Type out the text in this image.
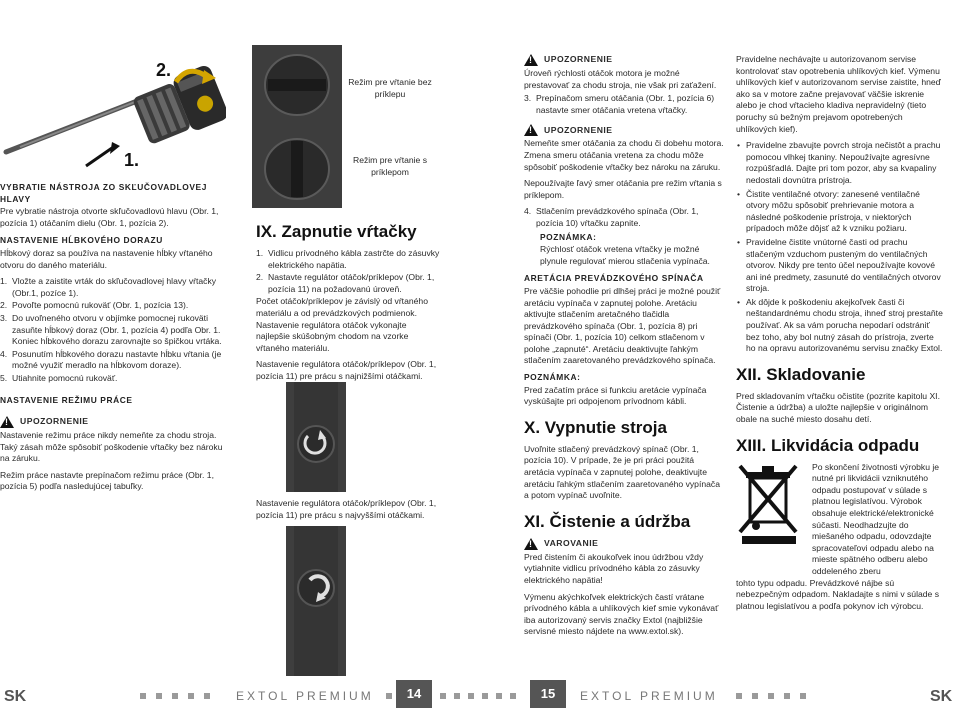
2.
1.
VYBRATIE NÁSTROJA ZO SKĽUČOVADLOVEJ HLAVY

Pre vybratie nástroja otvorte skľučovadlovú hlavu (Obr. 1, pozícia 1) otáčaním dielu (Obr. 1, pozícia 2).

NASTAVENIE HĹBKOVÉHO DORAZU

Hĺbkový doraz sa používa na nastavenie hĺbky vŕtaného otvoru do daného materiálu.

1. Vložte a zaistite vrták do skľučovadlovej hlavy vŕtačky (Obr.1, pozíce 1).
2. Povoľte pomocnú rukoväť (Obr. 1, pozícia 13).
3. Do uvoľneného otvoru v objímke pomocnej rukoväti zasuňte hĺbkový doraz (Obr. 1, pozícia 4) podľa Obr. 1. Koniec hĺbkového dorazu zarovnajte so špičkou vrtáka.
4. Posunutím hĺbkového dorazu nastavte hĺbku vŕtania (je možné využiť meradlo na hĺbkovom doraze).
5. Utiahnite pomocnú rukoväť.
NASTAVENIE REŽIMU PRÁCE
!
UPOZORNENIE

Nastavenie režimu práce nikdy nemeňte za chodu stroja. Taký zásah môže spôsobiť poškodenie vŕtačky bez nároku na záruku.

Režim práce nastavte prepínačom režimu práce (Obr. 1, pozícia 5) podľa nasledujúcej tabuľky.

Režim pre vŕtanie bez príklepu
Režim pre vŕtanie s príklepom
IX. Zapnutie vŕtačky
1. Vidlicu prívodného kábla zastrčte do zásuvky elektrického napätia.
2. Nastavte regulátor otáčok/príklepov (Obr. 1, pozícia 11) na požadovanú úroveň.

Počet otáčok/príklepov je závislý od vŕtaného materiálu a od prevádzkových podmienok. Nastavenie regulátora otáčok vykonajte najlepšie skúšobným chodom na vzorke vŕtaného materiálu.

Nastavenie regulátora otáčok/príklepov (Obr. 1, pozícia 11) pre prácu s najnižšími otáčkami.

Nastavenie regulátora otáčok/príklepov (Obr. 1, pozícia 11) pre prácu s najvyššími otáčkami.
!
UPOZORNENIE

Úroveň rýchlosti otáčok motora je možné prestavovať za chodu stroja, nie však pri zaťažení.

3. Prepínačom smeru otáčania (Obr. 1, pozícia 6) nastavte smer otáčania vretena vŕtačky.
!
UPOZORNENIE

Nemeňte smer otáčania za chodu či dobehu motora. Zmena smeru otáčania vretena za chodu môže spôsobiť poškodenie vŕtačky bez nároku na záruku.

Nepoužívajte ľavý smer otáčania pre režim vŕtania s príklepom.

4. Stlačením prevádzkového spínača (Obr. 1, pozícia 10) vŕtačku zapnite.
POZNÁMKA:

Rýchlosť otáčok vretena vŕtačky je možné plynule regulovať mierou stlačenia vypínača.

ARETÁCIA PREVÁDZKOVÉHO SPÍNAČA

Pre väčšie pohodlie pri dlhšej práci je možné použiť aretáciu vypínača v zapnutej polohe. Aretáciu aktivujte stlačením aretačného tlačidla prevádzkového spínača (Obr. 1, pozícia 8) pri spínači (Obr. 1, pozícia 10) celkom stlačenom v polohe „zapnuté“. Aretáciu deaktivujte ľahkým stlačením zaaretovaného prevádzkového spínača.

POZNÁMKA:

Pred začatím práce si funkciu aretácie vypínača vyskúšajte pri odpojenom prívodnom kábli.

X. Vypnutie stroja

Uvoľnite stlačený prevádzkový spínač (Obr. 1, pozícia 10). V prípade, že je pri práci použitá aretácia vypínača v zapnutej polohe, deaktivujte aretáciu ľahkým stlačením zaaretovaného vypínača a potom vypínač uvoľnite.

XI. Čistenie a údržba
!
VAROVANIE

Pred čistením či akoukoľvek inou údržbou vždy vytiahnite vidlicu prívodného kábla zo zásuvky elektrického napätia!

Výmenu akýchkoľvek elektrických častí vrátane prívodného kábla a uhlíkových kief smie vykonávať iba autorizovaný servis značky Extol (najbližšie servisné miesto nájdete na www.extol.sk).

Pravidelne nechávajte u autorizovanom servise kontrolovať stav opotrebenia uhlíkových kief. Výmenu uhlíkových kief v autorizovanom servise zaistite, hneď ako sa v motore začne prejavovať väčšie iskrenie alebo je chod vŕtacieho kladiva nepravidelný (tieto poruchy sú bežným prejavom opotrebených uhlíkových kief).

• Pravidelne zbavujte povrch stroja nečistôt a prachu pomocou vlhkej tkaniny. Nepoužívajte agresívne rozpúšťadlá. Dajte pri tom pozor, aby sa kvapaliny nedostali dovnútra prístroja.
• Čistite ventilačné otvory: zanesené ventilačné otvory môžu spôsobiť prehrievanie motora a následné poškodenie prístroja, v niektorých prípadoch môže dôjsť až k vzniku požiaru.
• Pravidelne čistite vnútorné časti od prachu stlačeným vzduchom pusteným do ventilačných otvorov. Nikdy pre tento účel nepoužívajte kovové ani iné predmety, zasunuté do ventilačných otvorov stroja.
• Ak dôjde k poškodeniu akejkoľvek časti či neštandardnému chodu stroja, ihneď stroj prestaňte používať. Ak sa vám porucha nepodarí odstrániť bez toho, aby bol nutný zásah do prístroja, zverte ho na opravu autorizovanému servisu značky Extol.
XII. Skladovanie

Pred skladovaním vŕtačku očistite (pozrite kapitolu XI. Čistenie a údržba) a uložte najlepšie v originálnom obale na suché miesto dosahu detí.

XIII. Likvidácia odpadu

Po skončení životnosti výrobku je nutné pri likvidácii vzniknutého odpadu postupovať v súlade s platnou legislatívou. Výrobok obsahuje elektrické/elektronické súčasti. Neodhadzujte do miešaného odpadu, odovzdajte spracovateľovi odpadu alebo na mieste spätného odberu alebo oddeleného zberu

tohto typu odpadu. Prevádzkové nájbe sú nebezpečným odpadom. Nakladajte s nimi v súlade s platnou legislatívou a podľa pokynov ich výrobcu.

SK	EXTOL PREMIUM	14	15	EXTOL PREMIUM	SK
